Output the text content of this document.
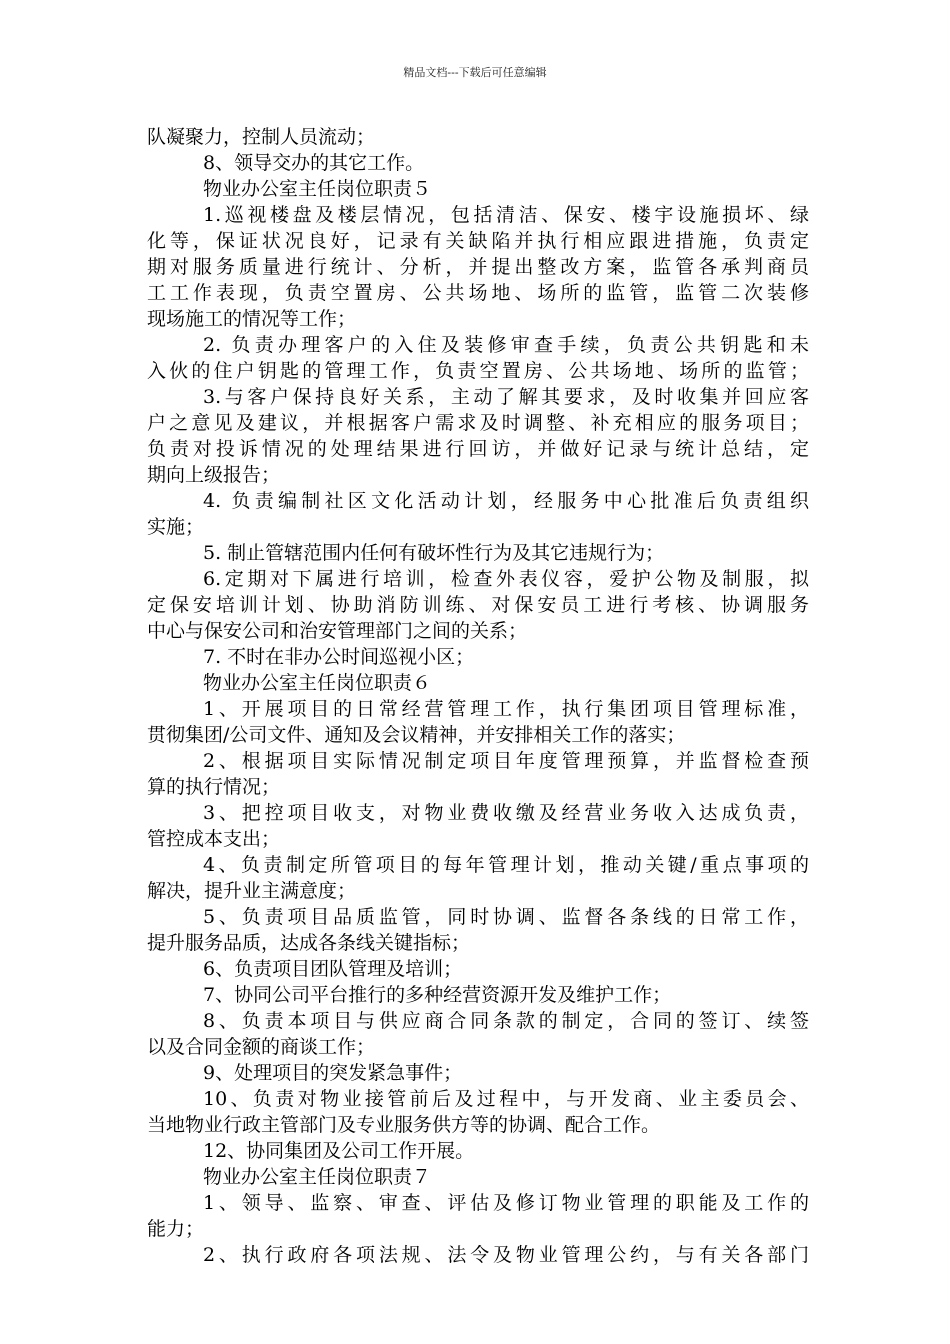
精品文档---下载后可任意编辑
队凝聚力，控制人员流动；
8、领导交办的其它工作。
物业办公室主任岗位职责５
1.巡视楼盘及楼层情况，包括清洁、保安、楼宇设施损坏、绿
化等，保证状况良好，记录有关缺陷并执行相应跟进措施，负责定
期对服务质量进行统计、分析，并提出整改方案，监管各承判商员
工工作表现，负责空置房、公共场地、场所的监管，监管二次装修
现场施工的情况等工作；
2. 负责办理客户的入住及装修审查手续，负责公共钥匙和未
入伙的住户钥匙的管理工作，负责空置房、公共场地、场所的监管；
3.与客户保持良好关系，主动了解其要求，及时收集并回应客
户之意见及建议，并根据客户需求及时调整、补充相应的服务项目；
负责对投诉情况的处理结果进行回访，并做好记录与统计总结，定
期向上级报告；
4. 负责编制社区文化活动计划，经服务中心批准后负责组织
实施；
5. 制止管辖范围内任何有破坏性行为及其它违规行为；
6.定期对下属进行培训，检查外表仪容，爱护公物及制服，拟
定保安培训计划、协助消防训练、对保安员工进行考核、协调服务
中心与保安公司和治安管理部门之间的关系；
7. 不时在非办公时间巡视小区；
物业办公室主任岗位职责６
1、开展项目的日常经营管理工作，执行集团项目管理标准，
贯彻集团/公司文件、通知及会议精神，并安排相关工作的落实；
2、根据项目实际情况制定项目年度管理预算，并监督检查预
算的执行情况；
3、把控项目收支，对物业费收缴及经营业务收入达成负责，
管控成本支出；
4、负责制定所管项目的每年管理计划，推动关键/重点事项的
解决，提升业主满意度；
5、负责项目品质监管，同时协调、监督各条线的日常工作，
提升服务品质，达成各条线关键指标；
6、负责项目团队管理及培训；
7、协同公司平台推行的多种经营资源开发及维护工作；
8、负责本项目与供应商合同条款的制定，合同的签订、续签
以及合同金额的商谈工作；
9、处理项目的突发紧急事件；
10、负责对物业接管前后及过程中，与开发商、业主委员会、
当地物业行政主管部门及专业服务供方等的协调、配合工作。
12、协同集团及公司工作开展。
物业办公室主任岗位职责７
1、领导、监察、审查、评估及修订物业管理的职能及工作的
能力；
2、执行政府各项法规、法令及物业管理公约，与有关各部门
